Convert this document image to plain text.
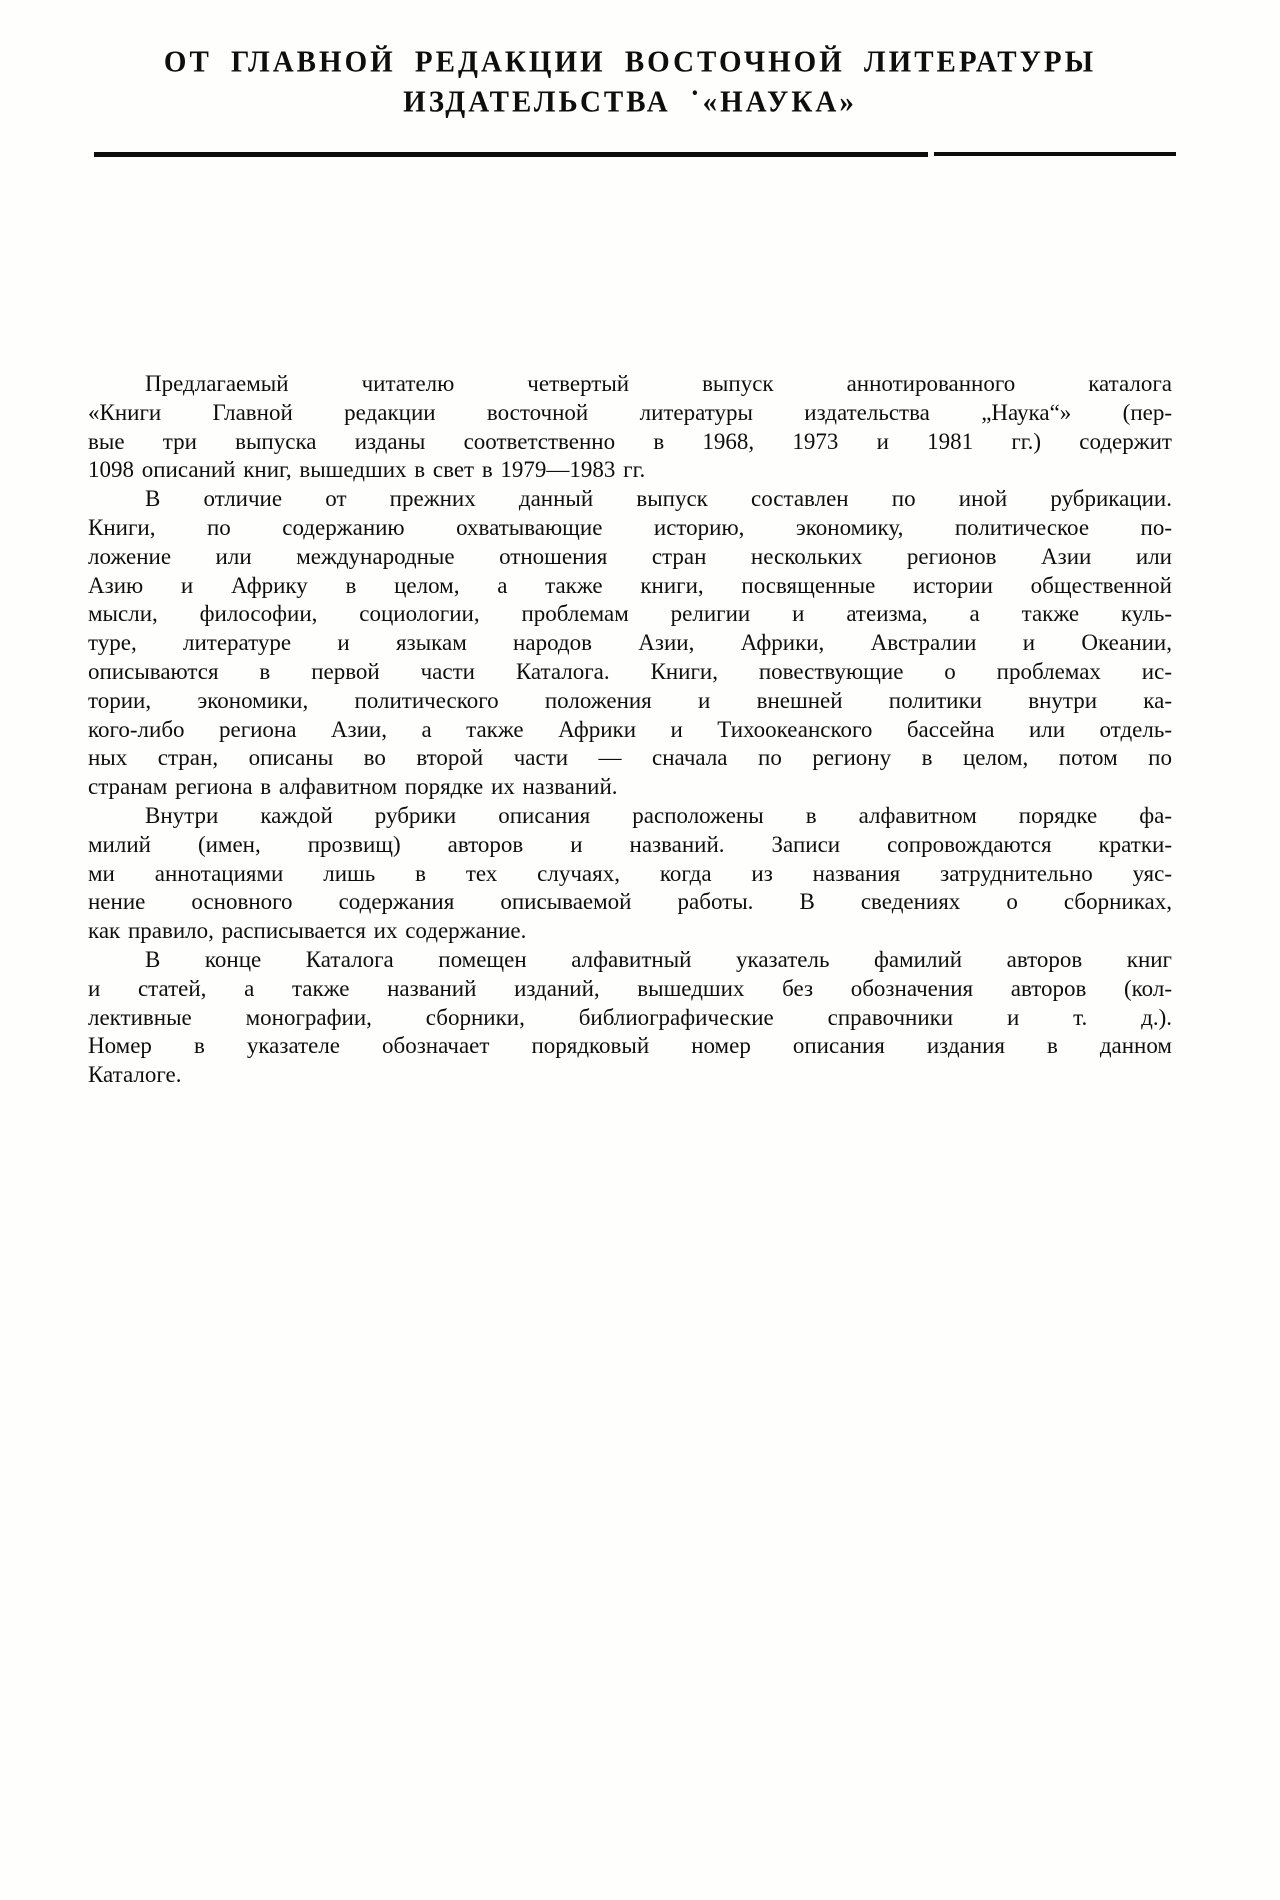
ОТ ГЛАВНОЙ РЕДАКЦИИ ВОСТОЧНОЙ ЛИТЕРАТУРЫ
ИЗДАТЕЛЬСТВА ˙«НАУКА»
Предлагаемый читателю четвертый выпуск аннотированного каталога
«Книги Главной редакции восточной литературы издательства „Наука“» (пер-
вые три выпуска изданы соответственно в 1968, 1973 и 1981 гг.) содержит
1098 описаний книг, вышедших в свет в 1979—1983 гг.
В отличие от прежних данный выпуск составлен по иной рубрикации.
Книги, по содержанию охватывающие историю, экономику, политическое по-
ложение или международные отношения стран нескольких регионов Азии или
Азию и Африку в целом, а также книги, посвященные истории общественной
мысли, философии, социологии, проблемам религии и атеизма, а также куль-
туре, литературе и языкам народов Азии, Африки, Австралии и Океании,
описываются в первой части Каталога. Книги, повествующие о проблемах ис-
тории, экономики, политического положения и внешней политики внутри ка-
кого-либо региона Азии, а также Африки и Тихоокеанского бассейна или отдель-
ных стран, описаны во второй части — сначала по региону в целом, потом по
странам региона в алфавитном порядке их названий.
Внутри каждой рубрики описания расположены в алфавитном порядке фа-
милий (имен, прозвищ) авторов и названий. Записи сопровождаются кратки-
ми аннотациями лишь в тех случаях, когда из названия затруднительно уяс-
нение основного содержания описываемой работы. В сведениях о сборниках,
как правило, расписывается их содержание.
В конце Каталога помещен алфавитный указатель фамилий авторов книг
и статей, а также названий изданий, вышедших без обозначения авторов (кол-
лективные монографии, сборники, библиографические справочники и т. д.).
Номер в указателе обозначает порядковый номер описания издания в данном
Каталоге.
